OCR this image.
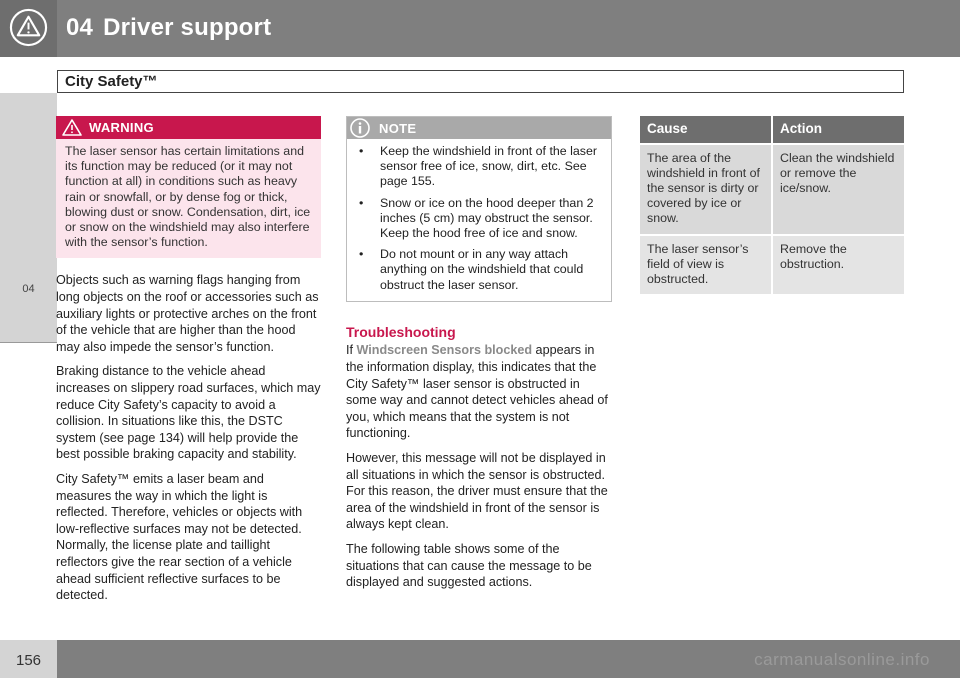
04 Driver support
City Safety™
04
WARNING
The laser sensor has certain limitations and its function may be reduced (or it may not function at all) in conditions such as heavy rain or snowfall, or by dense fog or thick, blowing dust or snow. Condensation, dirt, ice or snow on the windshield may also interfere with the sensor’s function.

Objects such as warning flags hanging from long objects on the roof or accessories such as auxiliary lights or protective arches on the front of the vehicle that are higher than the hood may also impede the sensor’s function.

Braking distance to the vehicle ahead increases on slippery road surfaces, which may reduce City Safety’s capacity to avoid a collision. In situations like this, the DSTC system (see page 134) will help provide the best possible braking capacity and stability.

City Safety™ emits a laser beam and measures the way in which the light is reflected. Therefore, vehicles or objects with low-reflective surfaces may not be detected. Normally, the license plate and taillight reflectors give the rear section of a vehicle ahead sufficient reflective surfaces to be detected.

NOTE
• Keep the windshield in front of the laser sensor free of ice, snow, dirt, etc. See page 155.
• Snow or ice on the hood deeper than 2 inches (5 cm) may obstruct the sensor. Keep the hood free of ice and snow.
• Do not mount or in any way attach anything on the windshield that could obstruct the laser sensor.
Troubleshooting

If Windscreen Sensors blocked appears in the information display, this indicates that the City Safety™ laser sensor is obstructed in some way and cannot detect vehicles ahead of you, which means that the system is not functioning.

However, this message will not be displayed in all situations in which the sensor is obstructed. For this reason, the driver must ensure that the area of the windshield in front of the sensor is always kept clean.

The following table shows some of the situations that can cause the message to be displayed and suggested actions.

Cause	Action
The area of the windshield in front of the sensor is dirty or covered by ice or snow.	Clean the windshield or remove the ice/snow.
The laser sensor’s field of view is obstructed.	Remove the obstruction.
156	carmanualsonline.info
